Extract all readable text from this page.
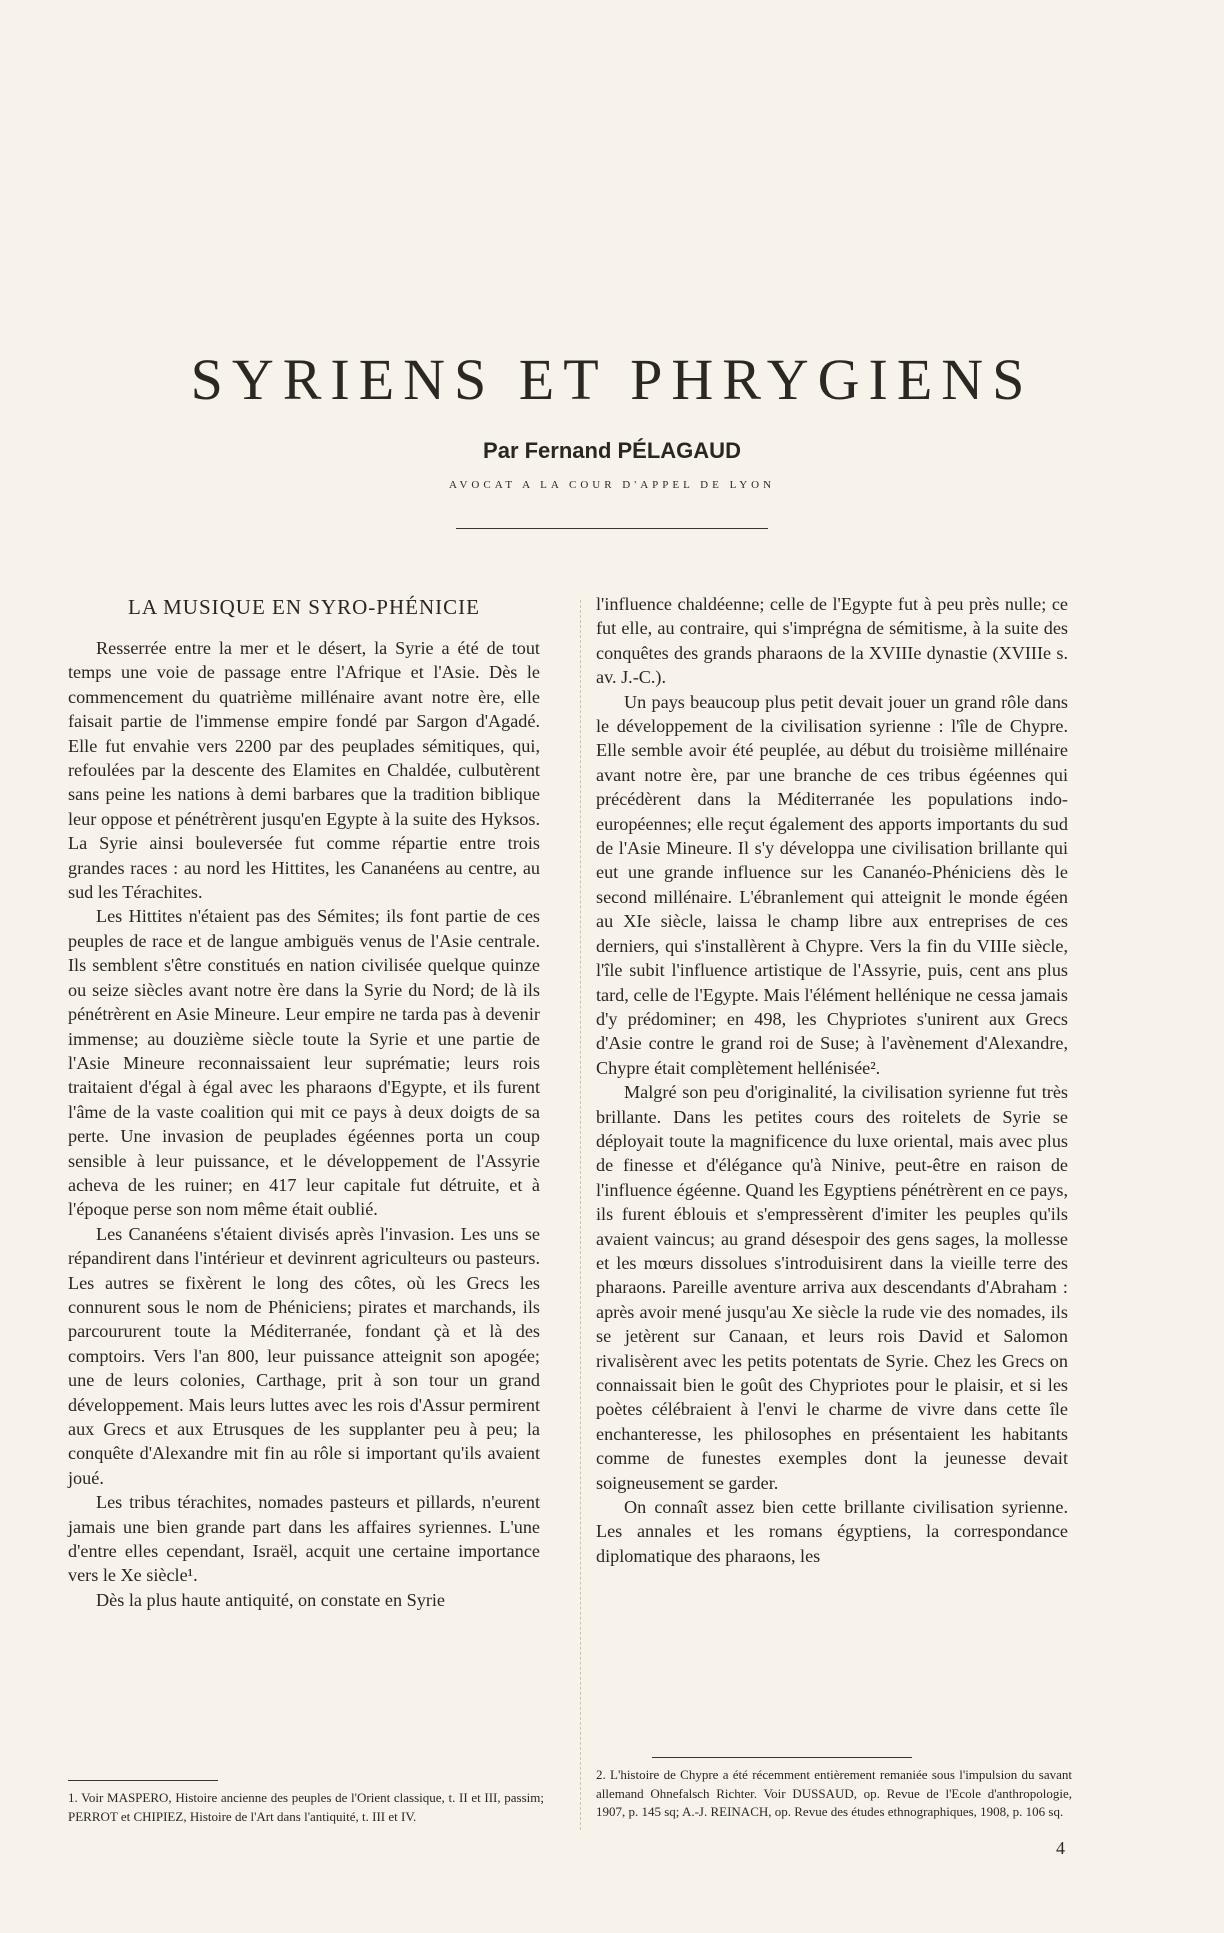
SYRIENS ET PHRYGIENS
Par Fernand PÉLAGAUD
AVOCAT A LA COUR D'APPEL DE LYON
LA MUSIQUE EN SYRO-PHÉNICIE

Resserrée entre la mer et le désert, la Syrie a été de tout temps une voie de passage entre l'Afrique et l'Asie. Dès le commencement du quatrième millénaire avant notre ère, elle faisait partie de l'immense empire fondé par Sargon d'Agadé. Elle fut envahie vers 2200 par des peuplades sémitiques, qui, refoulées par la descente des Elamites en Chaldée, culbutèrent sans peine les nations à demi barbares que la tradition biblique leur oppose et pénétrèrent jusqu'en Egypte à la suite des Hyksos. La Syrie ainsi bouleversée fut comme répartie entre trois grandes races : au nord les Hittites, les Cananéens au centre, au sud les Térachites.

Les Hittites n'étaient pas des Sémites; ils font partie de ces peuples de race et de langue ambiguës venus de l'Asie centrale. Ils semblent s'être constitués en nation civilisée quelque quinze ou seize siècles avant notre ère dans la Syrie du Nord; de là ils pénétrèrent en Asie Mineure. Leur empire ne tarda pas à devenir immense; au douzième siècle toute la Syrie et une partie de l'Asie Mineure reconnaissaient leur suprématie; leurs rois traitaient d'égal à égal avec les pharaons d'Egypte, et ils furent l'âme de la vaste coalition qui mit ce pays à deux doigts de sa perte. Une invasion de peuplades égéennes porta un coup sensible à leur puissance, et le développement de l'Assyrie acheva de les ruiner; en 417 leur capitale fut détruite, et à l'époque perse son nom même était oublié.

Les Cananéens s'étaient divisés après l'invasion. Les uns se répandirent dans l'intérieur et devinrent agriculteurs ou pasteurs. Les autres se fixèrent le long des côtes, où les Grecs les connurent sous le nom de Phéniciens; pirates et marchands, ils parcoururent toute la Méditerranée, fondant çà et là des comptoirs. Vers l'an 800, leur puissance atteignit son apogée; une de leurs colonies, Carthage, prit à son tour un grand développement. Mais leurs luttes avec les rois d'Assur permirent aux Grecs et aux Etrusques de les supplanter peu à peu; la conquête d'Alexandre mit fin au rôle si important qu'ils avaient joué.

Les tribus térachites, nomades pasteurs et pillards, n'eurent jamais une bien grande part dans les affaires syriennes. L'une d'entre elles cependant, Israël, acquit une certaine importance vers le Xe siècle¹.

Dès la plus haute antiquité, on constate en Syrie

l'influence chaldéenne; celle de l'Egypte fut à peu près nulle; ce fut elle, au contraire, qui s'imprégna de sémitisme, à la suite des conquêtes des grands pharaons de la XVIIIe dynastie (XVIIIe s. av. J.-C.).

Un pays beaucoup plus petit devait jouer un grand rôle dans le développement de la civilisation syrienne : l'île de Chypre. Elle semble avoir été peuplée, au début du troisième millénaire avant notre ère, par une branche de ces tribus égéennes qui précédèrent dans la Méditerranée les populations indo-européennes; elle reçut également des apports importants du sud de l'Asie Mineure. Il s'y développa une civilisation brillante qui eut une grande influence sur les Cananéo-Phéniciens dès le second millénaire. L'ébranlement qui atteignit le monde égéen au XIe siècle, laissa le champ libre aux entreprises de ces derniers, qui s'installèrent à Chypre. Vers la fin du VIIIe siècle, l'île subit l'influence artistique de l'Assyrie, puis, cent ans plus tard, celle de l'Egypte. Mais l'élément hellénique ne cessa jamais d'y prédominer; en 498, les Chypriotes s'unirent aux Grecs d'Asie contre le grand roi de Suse; à l'avènement d'Alexandre, Chypre était complètement hellénisée².

Malgré son peu d'originalité, la civilisation syrienne fut très brillante. Dans les petites cours des roitelets de Syrie se déployait toute la magnificence du luxe oriental, mais avec plus de finesse et d'élégance qu'à Ninive, peut-être en raison de l'influence égéenne. Quand les Egyptiens pénétrèrent en ce pays, ils furent éblouis et s'empressèrent d'imiter les peuples qu'ils avaient vaincus; au grand désespoir des gens sages, la mollesse et les mœurs dissolues s'introduisirent dans la vieille terre des pharaons. Pareille aventure arriva aux descendants d'Abraham : après avoir mené jusqu'au Xe siècle la rude vie des nomades, ils se jetèrent sur Canaan, et leurs rois David et Salomon rivalisèrent avec les petits potentats de Syrie. Chez les Grecs on connaissait bien le goût des Chypriotes pour le plaisir, et si les poètes célébraient à l'envi le charme de vivre dans cette île enchanteresse, les philosophes en présentaient les habitants comme de funestes exemples dont la jeunesse devait soigneusement se garder.

On connaît assez bien cette brillante civilisation syrienne. Les annales et les romans égyptiens, la correspondance diplomatique des pharaons, les

1. Voir MASPERO, Histoire ancienne des peuples de l'Orient classique, t. II et III, passim; PERROT et CHIPIEZ, Histoire de l'Art dans l'antiquité, t. III et IV.
2. L'histoire de Chypre a été récemment entièrement remaniée sous l'impulsion du savant allemand Ohnefalsch Richter. Voir DUSSAUD, op. Revue de l'Ecole d'anthropologie, 1907, p. 145 sq; A.-J. REINACH, op. Revue des études ethnographiques, 1908, p. 106 sq.
4
